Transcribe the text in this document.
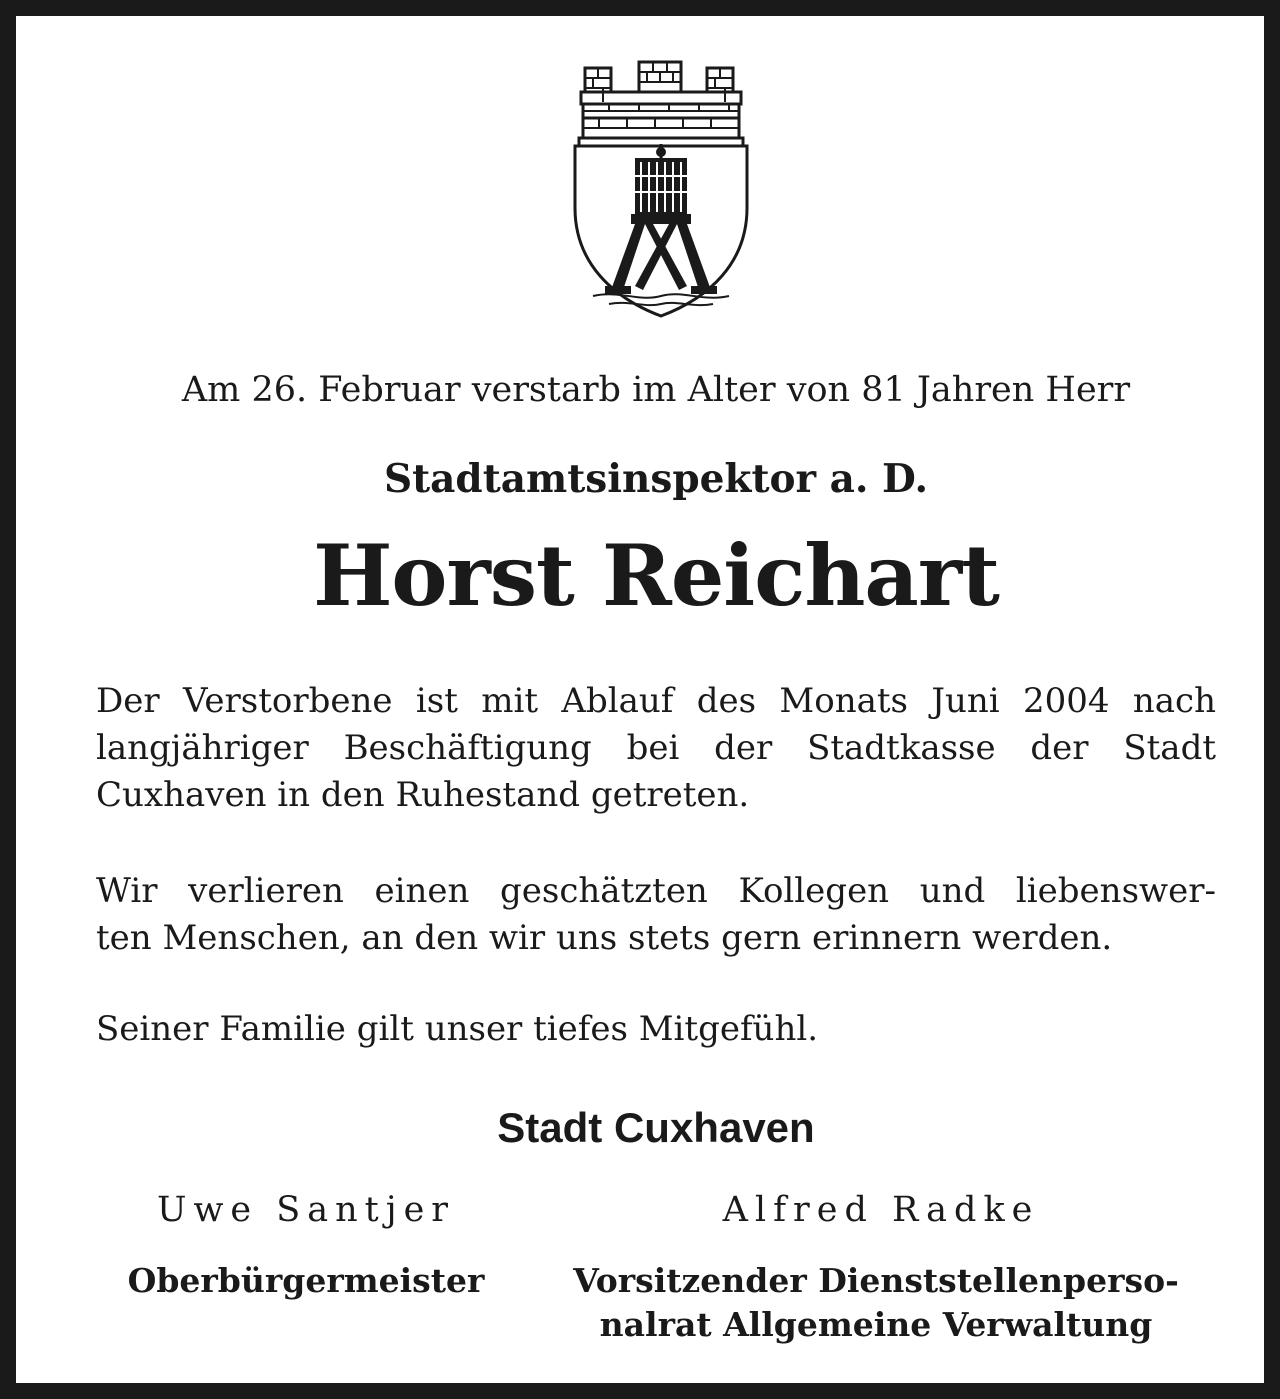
Am 26. Februar verstarb im Alter von 81 Jahren Herr
Stadtamtsinspektor a. D.
Horst Reichart
Der Verstorbene ist mit Ablauf des Monats Juni 2004 nach
langjähriger Beschäftigung bei der Stadtkasse der Stadt
Cuxhaven in den Ruhestand getreten.
Wir verlieren einen geschätzten Kollegen und liebenswer-
ten Menschen, an den wir uns stets gern erinnern werden.
Seiner Familie gilt unser tiefes Mitgefühl.
Stadt Cuxhaven
Uwe Santjer	Alfred Radke
Oberbürgermeister	Vorsitzender Dienststellenperso-
nalrat Allgemeine Verwaltung
